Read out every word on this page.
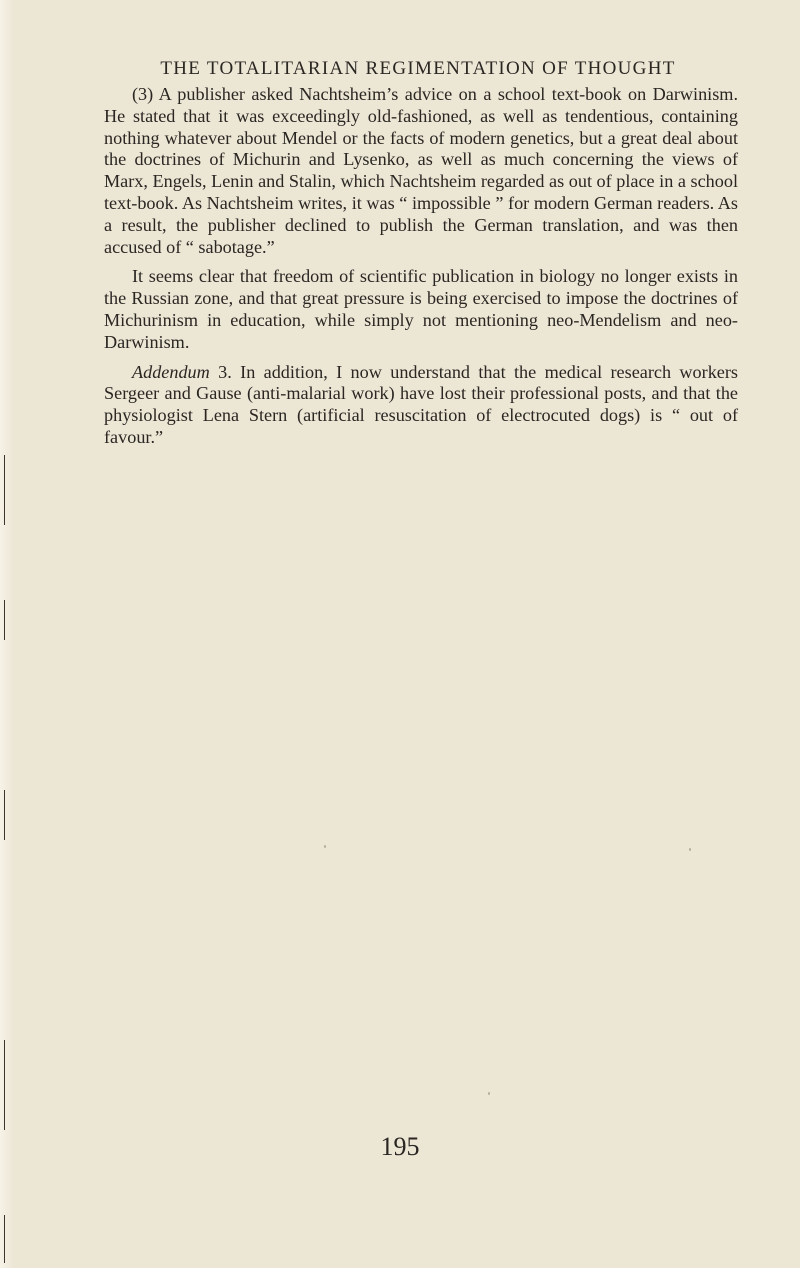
THE TOTALITARIAN REGIMENTATION OF THOUGHT

(3) A publisher asked Nachtsheim’s advice on a school text-book on Darwinism. He stated that it was exceedingly old-fashioned, as well as tendentious, containing nothing whatever about Mendel or the facts of modern genetics, but a great deal about the doctrines of Michurin and Lysenko, as well as much concerning the views of Marx, Engels, Lenin and Stalin, which Nachtsheim regarded as out of place in a school text-book. As Nachtsheim writes, it was “ impossible ” for modern German readers. As a result, the publisher declined to publish the German translation, and was then accused of “ sabotage.”

It seems clear that freedom of scientific publication in biology no longer exists in the Russian zone, and that great pressure is being exercised to impose the doctrines of Michurinism in education, while simply not mentioning neo-Mendelism and neo-Darwinism.

Addendum 3. In addition, I now understand that the medical research workers Sergeer and Gause (anti-malarial work) have lost their professional posts, and that the physiologist Lena Stern (artificial resuscitation of electrocuted dogs) is “ out of favour.”

195
